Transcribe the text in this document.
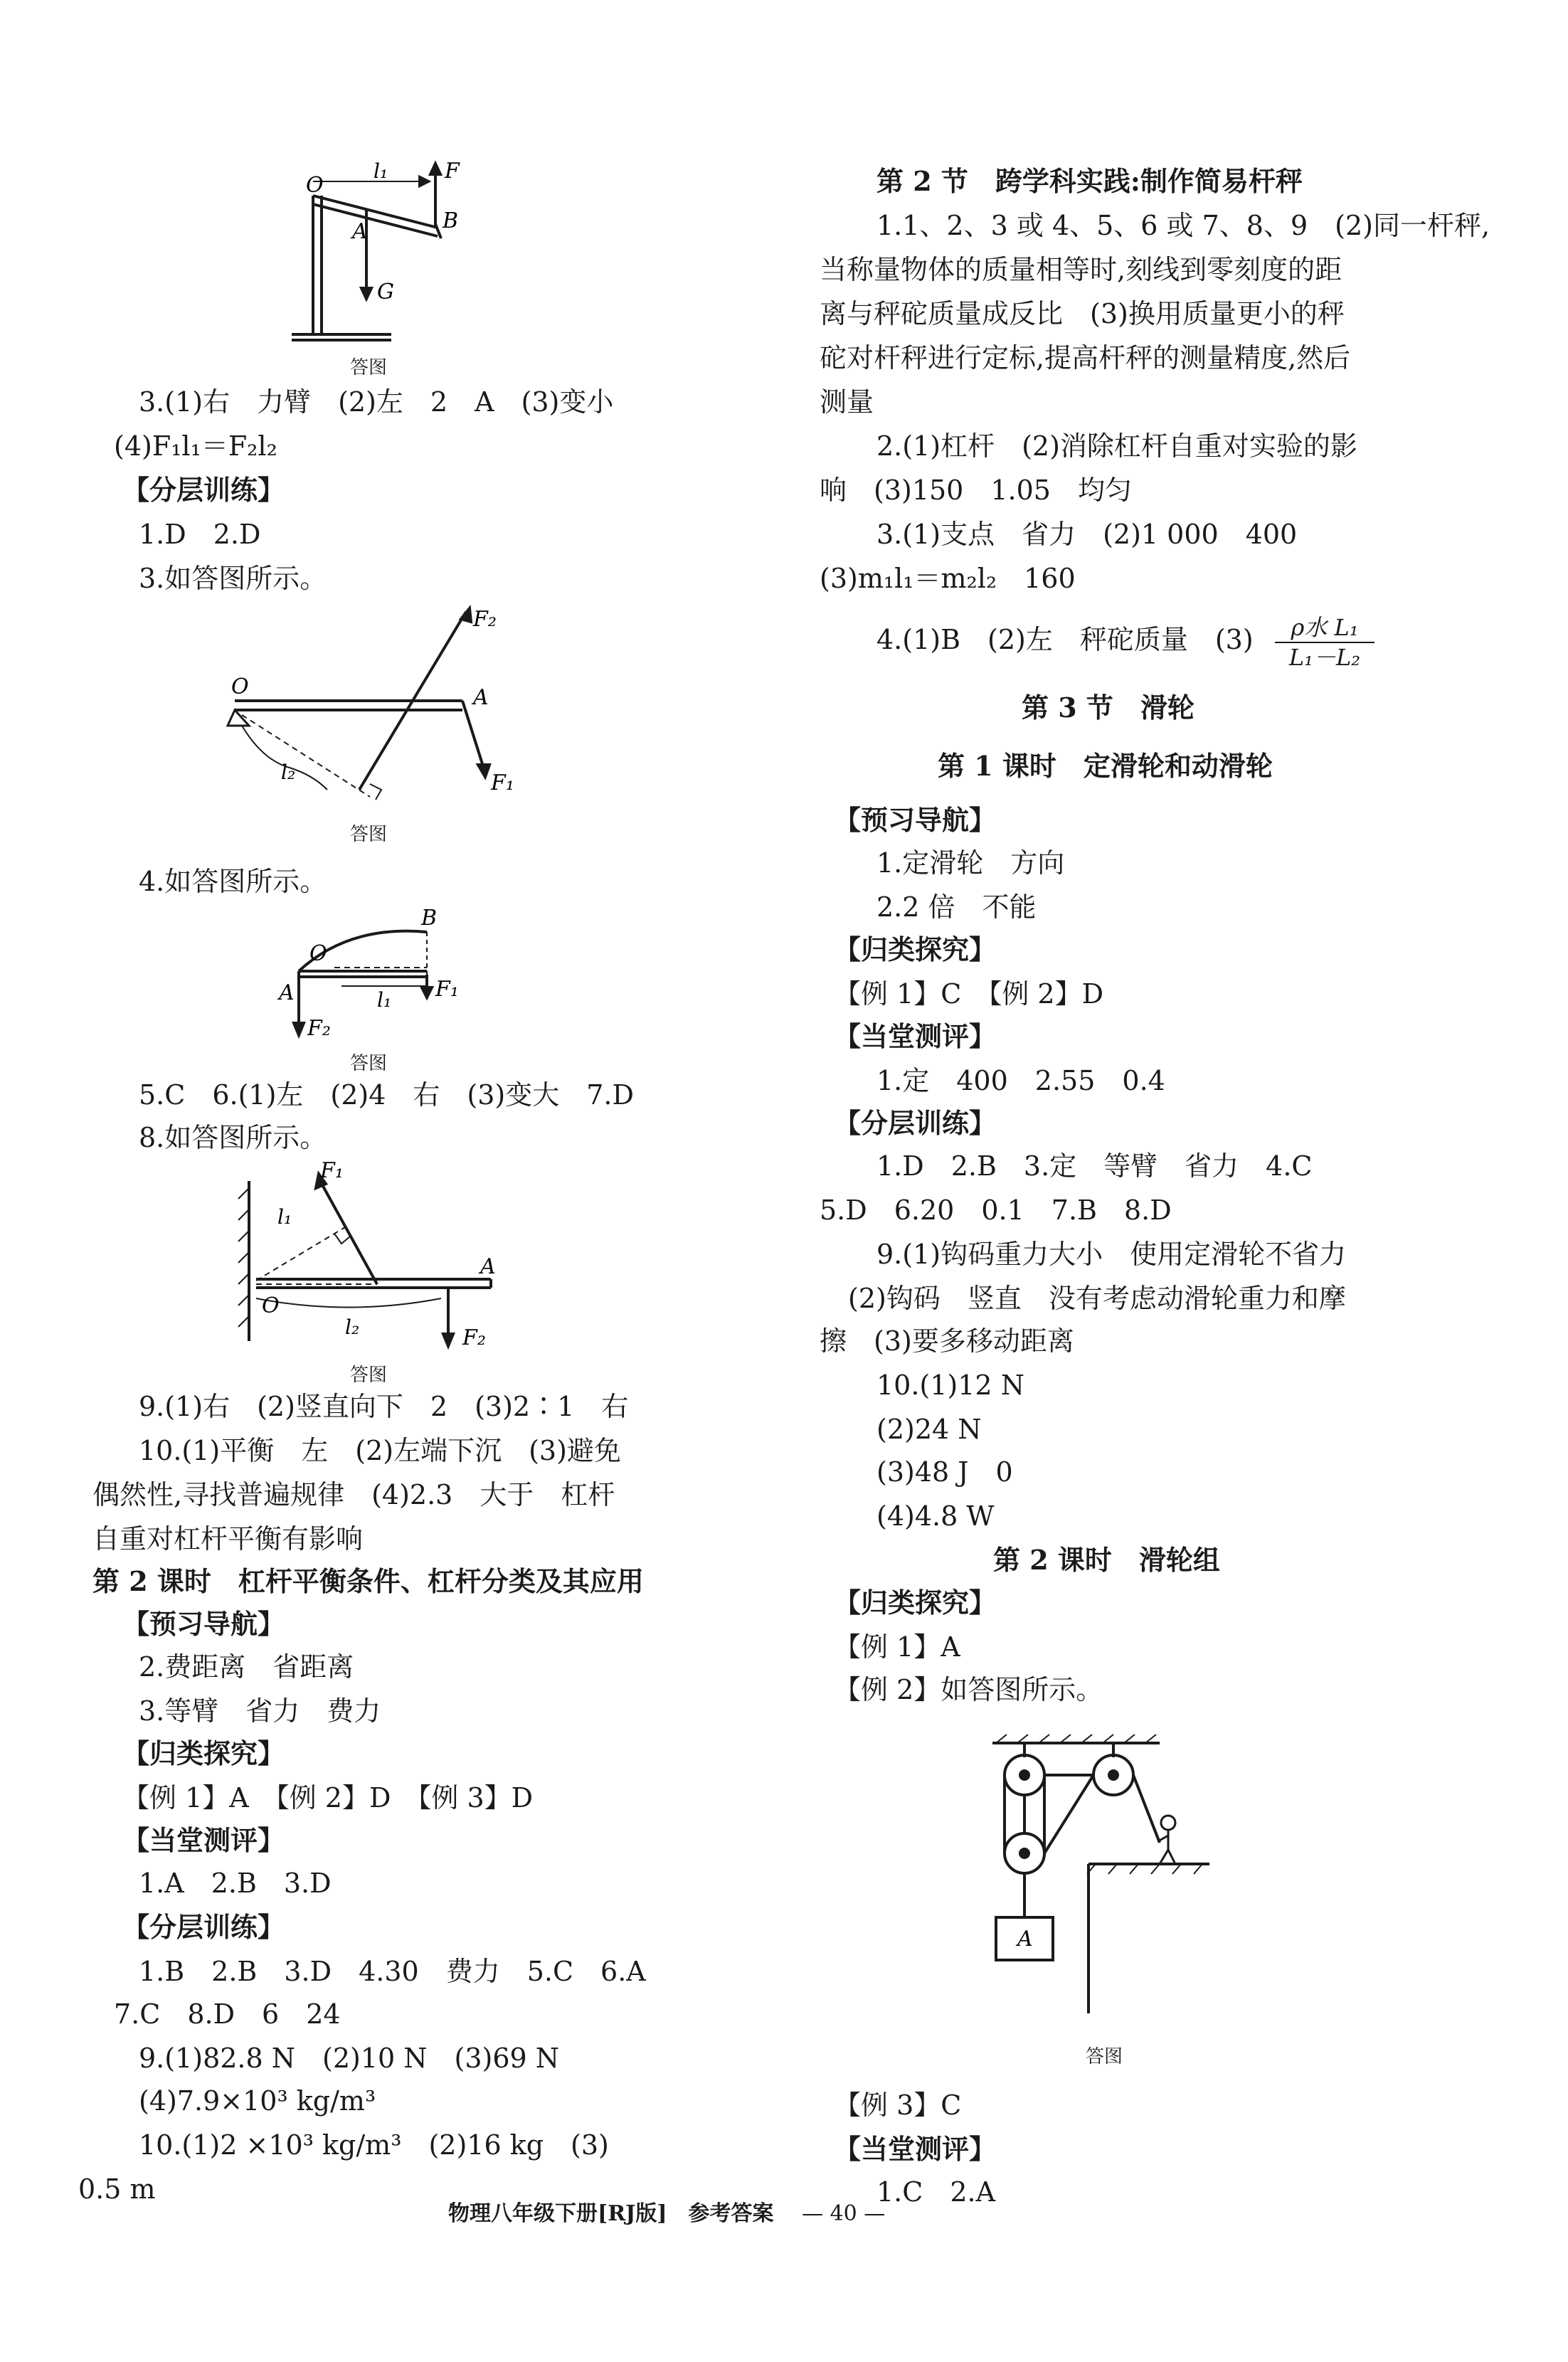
O
l₁	F
A	B
G
答图
3.(1)右　力臂　(2)左　2　A　(3)变小
(4)F₁l₁＝F₂l₂
【分层训练】
1.D　2.D
3.如答图所示。
F₂
O	A
l₂	F₁
答图
4.如答图所示。
B
O
A	F₁
l₁
F₂
答图
5.C　6.(1)左　(2)4　右　(3)变大　7.D
8.如答图所示。
F₁
l₁
A
O
l₂	F₂
答图
9.(1)右　(2)竖直向下　2　(3)2∶1　右
10.(1)平衡　左　(2)左端下沉　(3)避免
偶然性,寻找普遍规律　(4)2.3　大于　杠杆
自重对杠杆平衡有影响
第 2 课时　杠杆平衡条件、杠杆分类及其应用
【预习导航】
2.费距离　省距离
3.等臂　省力　费力
【归类探究】
【例 1】A　【例 2】D　【例 3】D
【当堂测评】
1.A　2.B　3.D
【分层训练】
1.B　2.B　3.D　4.30　费力　5.C　6.A
7.C　8.D　6　24
9.(1)82.8 N　(2)10 N　(3)69 N
(4)7.9×10³ kg/m³
10.(1)2 ×10³ kg/m³　(2)16 kg　(3)
0.5 m
第 2 节　跨学科实践:制作简易杆秤
1.1、2、3 或 4、5、6 或 7、8、9　(2)同一杆秤,
当称量物体的质量相等时,刻线到零刻度的距
离与秤砣质量成反比　(3)换用质量更小的秤
砣对杆秤进行定标,提高杆秤的测量精度,然后
测量
2.(1)杠杆　(2)消除杠杆自重对实验的影
响　(3)150　1.05　均匀
3.(1)支点　省力　(2)1 000　400
(3)m₁l₁＝m₂l₂　160
4.(1)B　(2)左　秤砣质量　(3)	ρ水 L₁
L₁－L₂
第 3 节　滑轮
第 1 课时　定滑轮和动滑轮
【预习导航】
1.定滑轮　方向
2.2 倍　不能
【归类探究】
【例 1】C　【例 2】D
【当堂测评】
1.定　400　2.55　0.4
【分层训练】
1.D　2.B　3.定　等臂　省力　4.C
5.D　6.20　0.1　7.B　8.D
9.(1)钩码重力大小　使用定滑轮不省力
(2)钩码　竖直　没有考虑动滑轮重力和摩
擦　(3)要多移动距离
10.(1)12 N
(2)24 N
(3)48 J　0
(4)4.8 W
第 2 课时　滑轮组
【归类探究】
【例 1】A
【例 2】如答图所示。
A
答图
【例 3】C
【当堂测评】
1.C　2.A
物理八年级下册[RJ版]　参考答案 — 40 —
